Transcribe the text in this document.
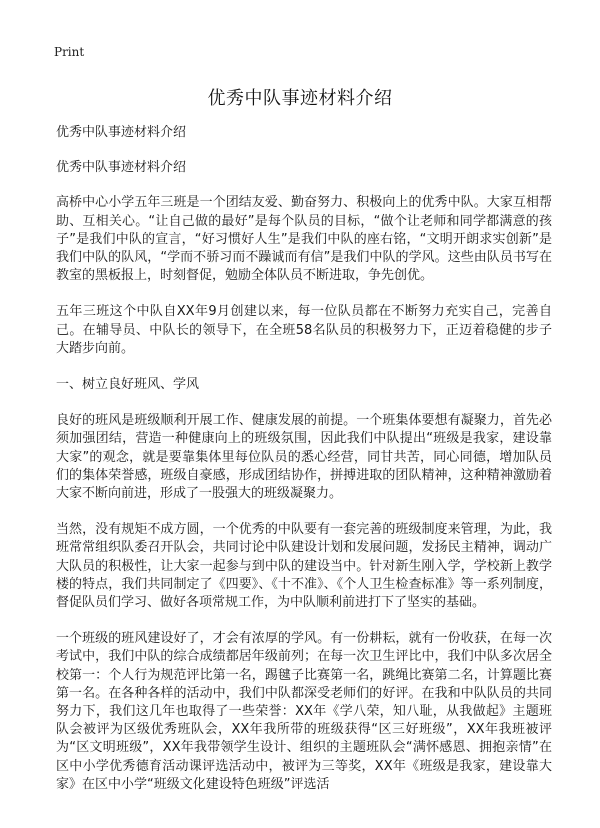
Print
优秀中队事迹材料介绍

优秀中队事迹材料介绍

优秀中队事迹材料介绍

高桥中心小学五年三班是一个团结友爱、勤奋努力、积极向上的优秀中队。大家互相帮助、互相关心。“让自己做的最好”是每个队员的目标，“做个让老师和同学都满意的孩子”是我们中队的宣言，“好习惯好人生”是我们中队的座右铭，“文明开朗求实创新”是我们中队的队风，“学而不骄习而不躁诚而有信”是我们中队的学风。这些由队员书写在教室的黑板报上，时刻督促，勉励全体队员不断进取，争先创优。

五年三班这个中队自XX年9月创建以来，每一位队员都在不断努力充实自己，完善自己。在辅导员、中队长的领导下，在全班58名队员的积极努力下，正迈着稳健的步子大踏步向前。

一、树立良好班风、学风

良好的班风是班级顺利开展工作、健康发展的前提。一个班集体要想有凝聚力，首先必须加强团结，营造一种健康向上的班级氛围，因此我们中队提出“班级是我家，建设靠大家”的观念，就是要靠集体里每位队员的悉心经营，同甘共苦，同心同德，增加队员们的集体荣誉感，班级自豪感，形成团结协作，拼搏进取的团队精神，这种精神激励着大家不断向前进，形成了一股强大的班级凝聚力。

当然，没有规矩不成方圆，一个优秀的中队要有一套完善的班级制度来管理，为此，我班常常组织队委召开队会，共同讨论中队建设计划和发展问题，发扬民主精神，调动广大队员的积极性，让大家一起参与到中队的建设当中。针对新生刚入学，学校新上教学楼的特点，我们共同制定了《四要》、《十不准》、《个人卫生检查标准》等一系列制度，督促队员们学习、做好各项常规工作，为中队顺利前进打下了坚实的基础。

一个班级的班风建设好了，才会有浓厚的学风。有一份耕耘，就有一份收获，在每一次考试中，我们中队的综合成绩都居年级前列；在每一次卫生评比中，我们中队多次居全校第一：个人行为规范评比第一名，踢毽子比赛第一名，跳绳比赛第二名，计算题比赛第一名。在各种各样的活动中，我们中队都深受老师们的好评。在我和中队队员的共同努力下，我们这几年也取得了一些荣誉：XX年《学八荣，知八耻，从我做起》主题班队会被评为区级优秀班队会，XX年我所带的班级获得“区三好班级”，XX年我班被评为“区文明班级”，XX年我带领学生设计、组织的主题班队会“满怀感恩、拥抱亲情”在区中小学优秀德育活动课评选活动中，被评为三等奖，XX年《班级是我家，建设靠大家》在区中小学“班级文化建设特色班级”评选活
